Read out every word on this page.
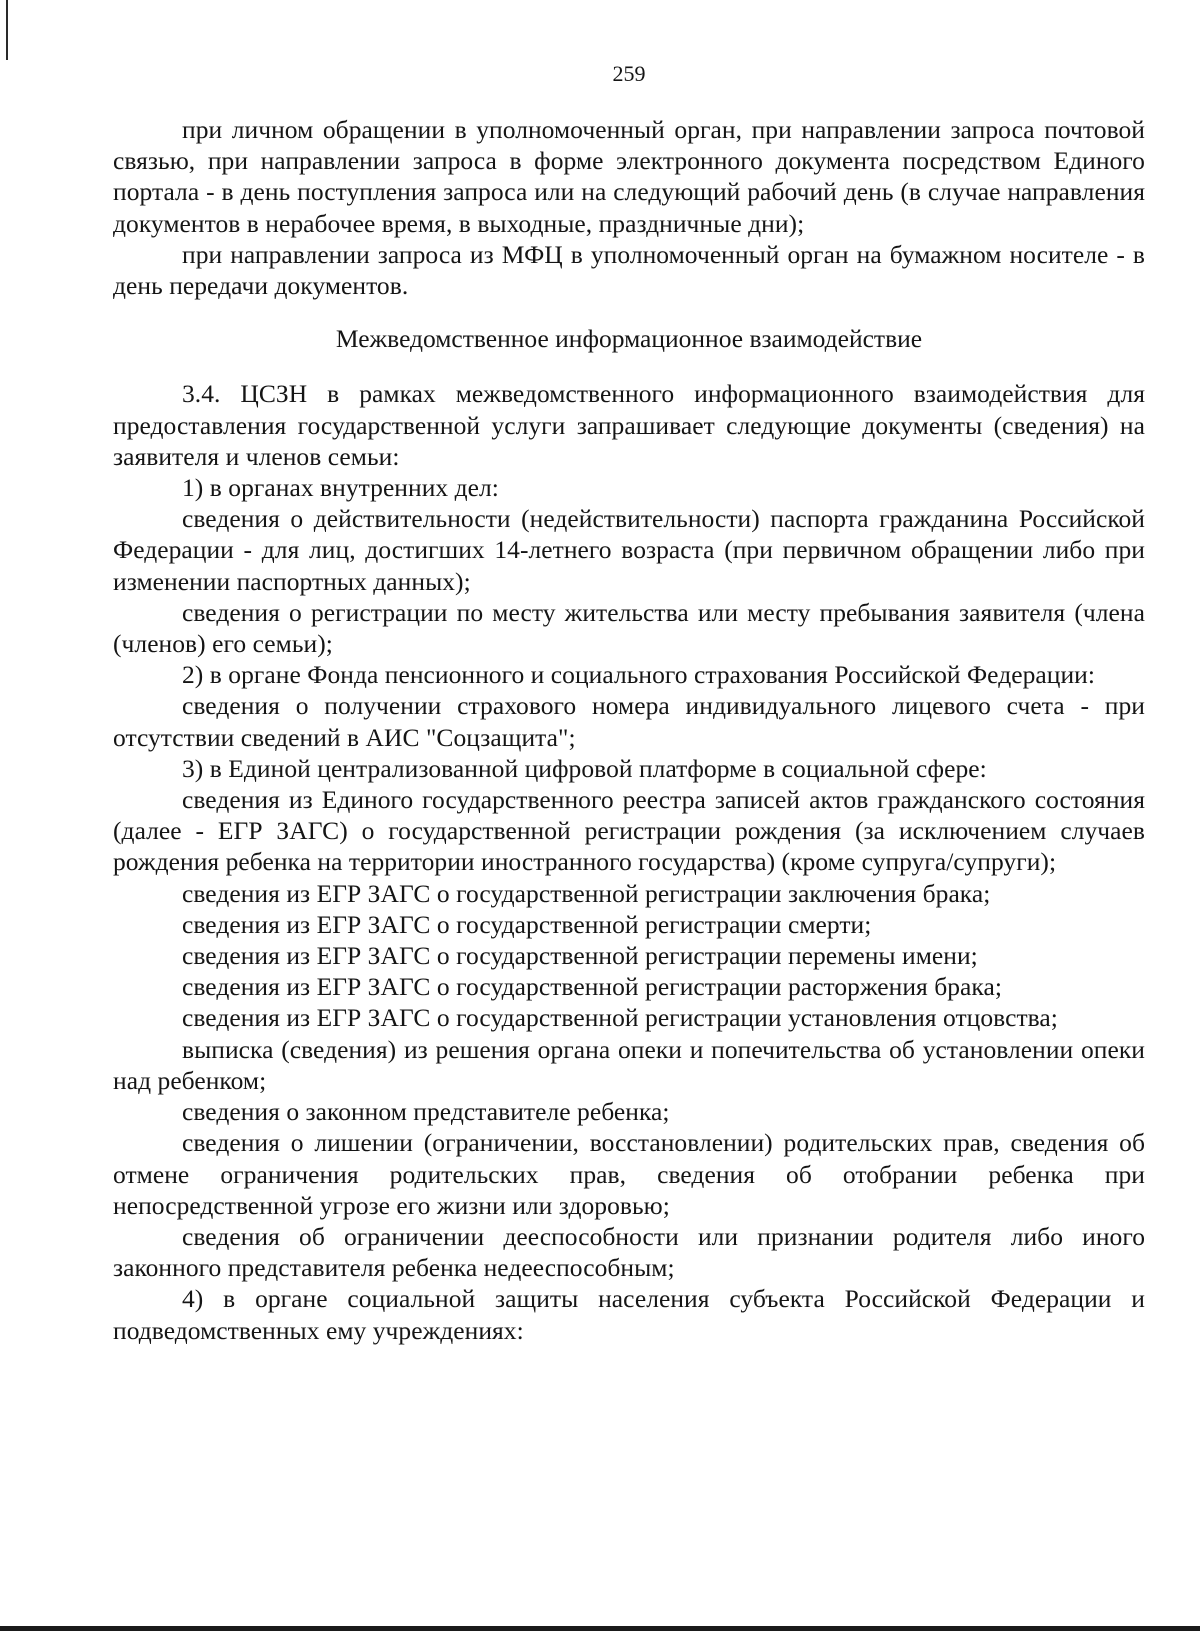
259

при личном обращении в уполномоченный орган, при направлении запроса почтовой связью, при направлении запроса в форме электронного документа посредством Единого портала - в день поступления запроса или на следующий рабочий день (в случае направления документов в нерабочее время, в выходные, праздничные дни);

при направлении запроса из МФЦ в уполномоченный орган на бумажном носителе - в день передачи документов.

Межведомственное информационное взаимодействие

3.4. ЦСЗН в рамках межведомственного информационного взаимодействия для предоставления государственной услуги запрашивает следующие документы (сведения) на заявителя и членов семьи:

1) в органах внутренних дел:

сведения о действительности (недействительности) паспорта гражданина Российской Федерации - для лиц, достигших 14-летнего возраста (при первичном обращении либо при изменении паспортных данных);

сведения о регистрации по месту жительства или месту пребывания заявителя (члена (членов) его семьи);

2) в органе Фонда пенсионного и социального страхования Российской Федерации:

сведения о получении страхового номера индивидуального лицевого счета - при отсутствии сведений в АИС "Соцзащита";

3) в Единой централизованной цифровой платформе в социальной сфере:

сведения из Единого государственного реестра записей актов гражданского состояния (далее - ЕГР ЗАГС) о государственной регистрации рождения (за исключением случаев рождения ребенка на территории иностранного государства) (кроме супруга/супруги);

сведения из ЕГР ЗАГС о государственной регистрации заключения брака;

сведения из ЕГР ЗАГС о государственной регистрации смерти;

сведения из ЕГР ЗАГС о государственной регистрации перемены имени;

сведения из ЕГР ЗАГС о государственной регистрации расторжения брака;

сведения из ЕГР ЗАГС о государственной регистрации установления отцовства;

выписка (сведения) из решения органа опеки и попечительства об установлении опеки над ребенком;

сведения о законном представителе ребенка;

сведения о лишении (ограничении, восстановлении) родительских прав, сведения об отмене ограничения родительских прав, сведения об отобрании ребенка при непосредственной угрозе его жизни или здоровью;

сведения об ограничении дееспособности или признании родителя либо иного законного представителя ребенка недееспособным;

4) в органе социальной защиты населения субъекта Российской Федерации и подведомственных ему учреждениях:
